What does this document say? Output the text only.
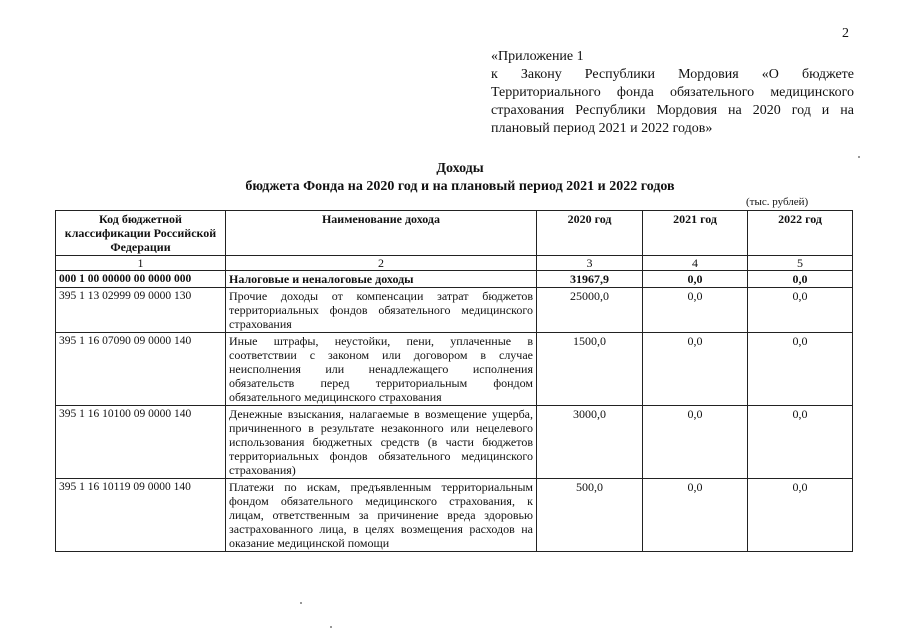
2

«Приложение 1

к Закону Республики Мордовия «О бюджете Территориального фонда обязательного медицинского страхования Республики Мордовия на 2020 год и на плановый период 2021 и 2022 годов»

Доходы
бюджета Фонда на 2020 год и на плановый период 2021 и 2022 годов
(тыс. рублей)
Код бюджетной классификации Российской Федерации	Наименование дохода	2020 год	2021 год	2022 год
1	2	3	4	5
000 1 00 00000 00 0000 000	Налоговые и неналоговые доходы	31967,9	0,0	0,0
395 1 13 02999 09 0000 130	Прочие доходы от компенсации затрат бюджетов территориальных фондов обязательного медицинского страхования	25000,0	0,0	0,0
395 1 16 07090 09 0000 140	Иные штрафы, неустойки, пени, уплаченные в соответствии с законом или договором в случае неисполнения или ненадлежащего исполнения обязательств перед территориальным фондом обязательного медицинского страхования	1500,0	0,0	0,0
395 1 16 10100 09 0000 140	Денежные взыскания, налагаемые в возмещение ущерба, причиненного в результате незаконного или нецелевого использования бюджетных средств (в части бюджетов территориальных фондов обязательного медицинского страхования)	3000,0	0,0	0,0
395 1 16 10119 09 0000 140	Платежи по искам, предъявленным территориальным фондом обязательного медицинского страхования, к лицам, ответственным за причинение вреда здоровью застрахованного лица, в целях возмещения расходов на оказание медицинской помощи	500,0	0,0	0,0
